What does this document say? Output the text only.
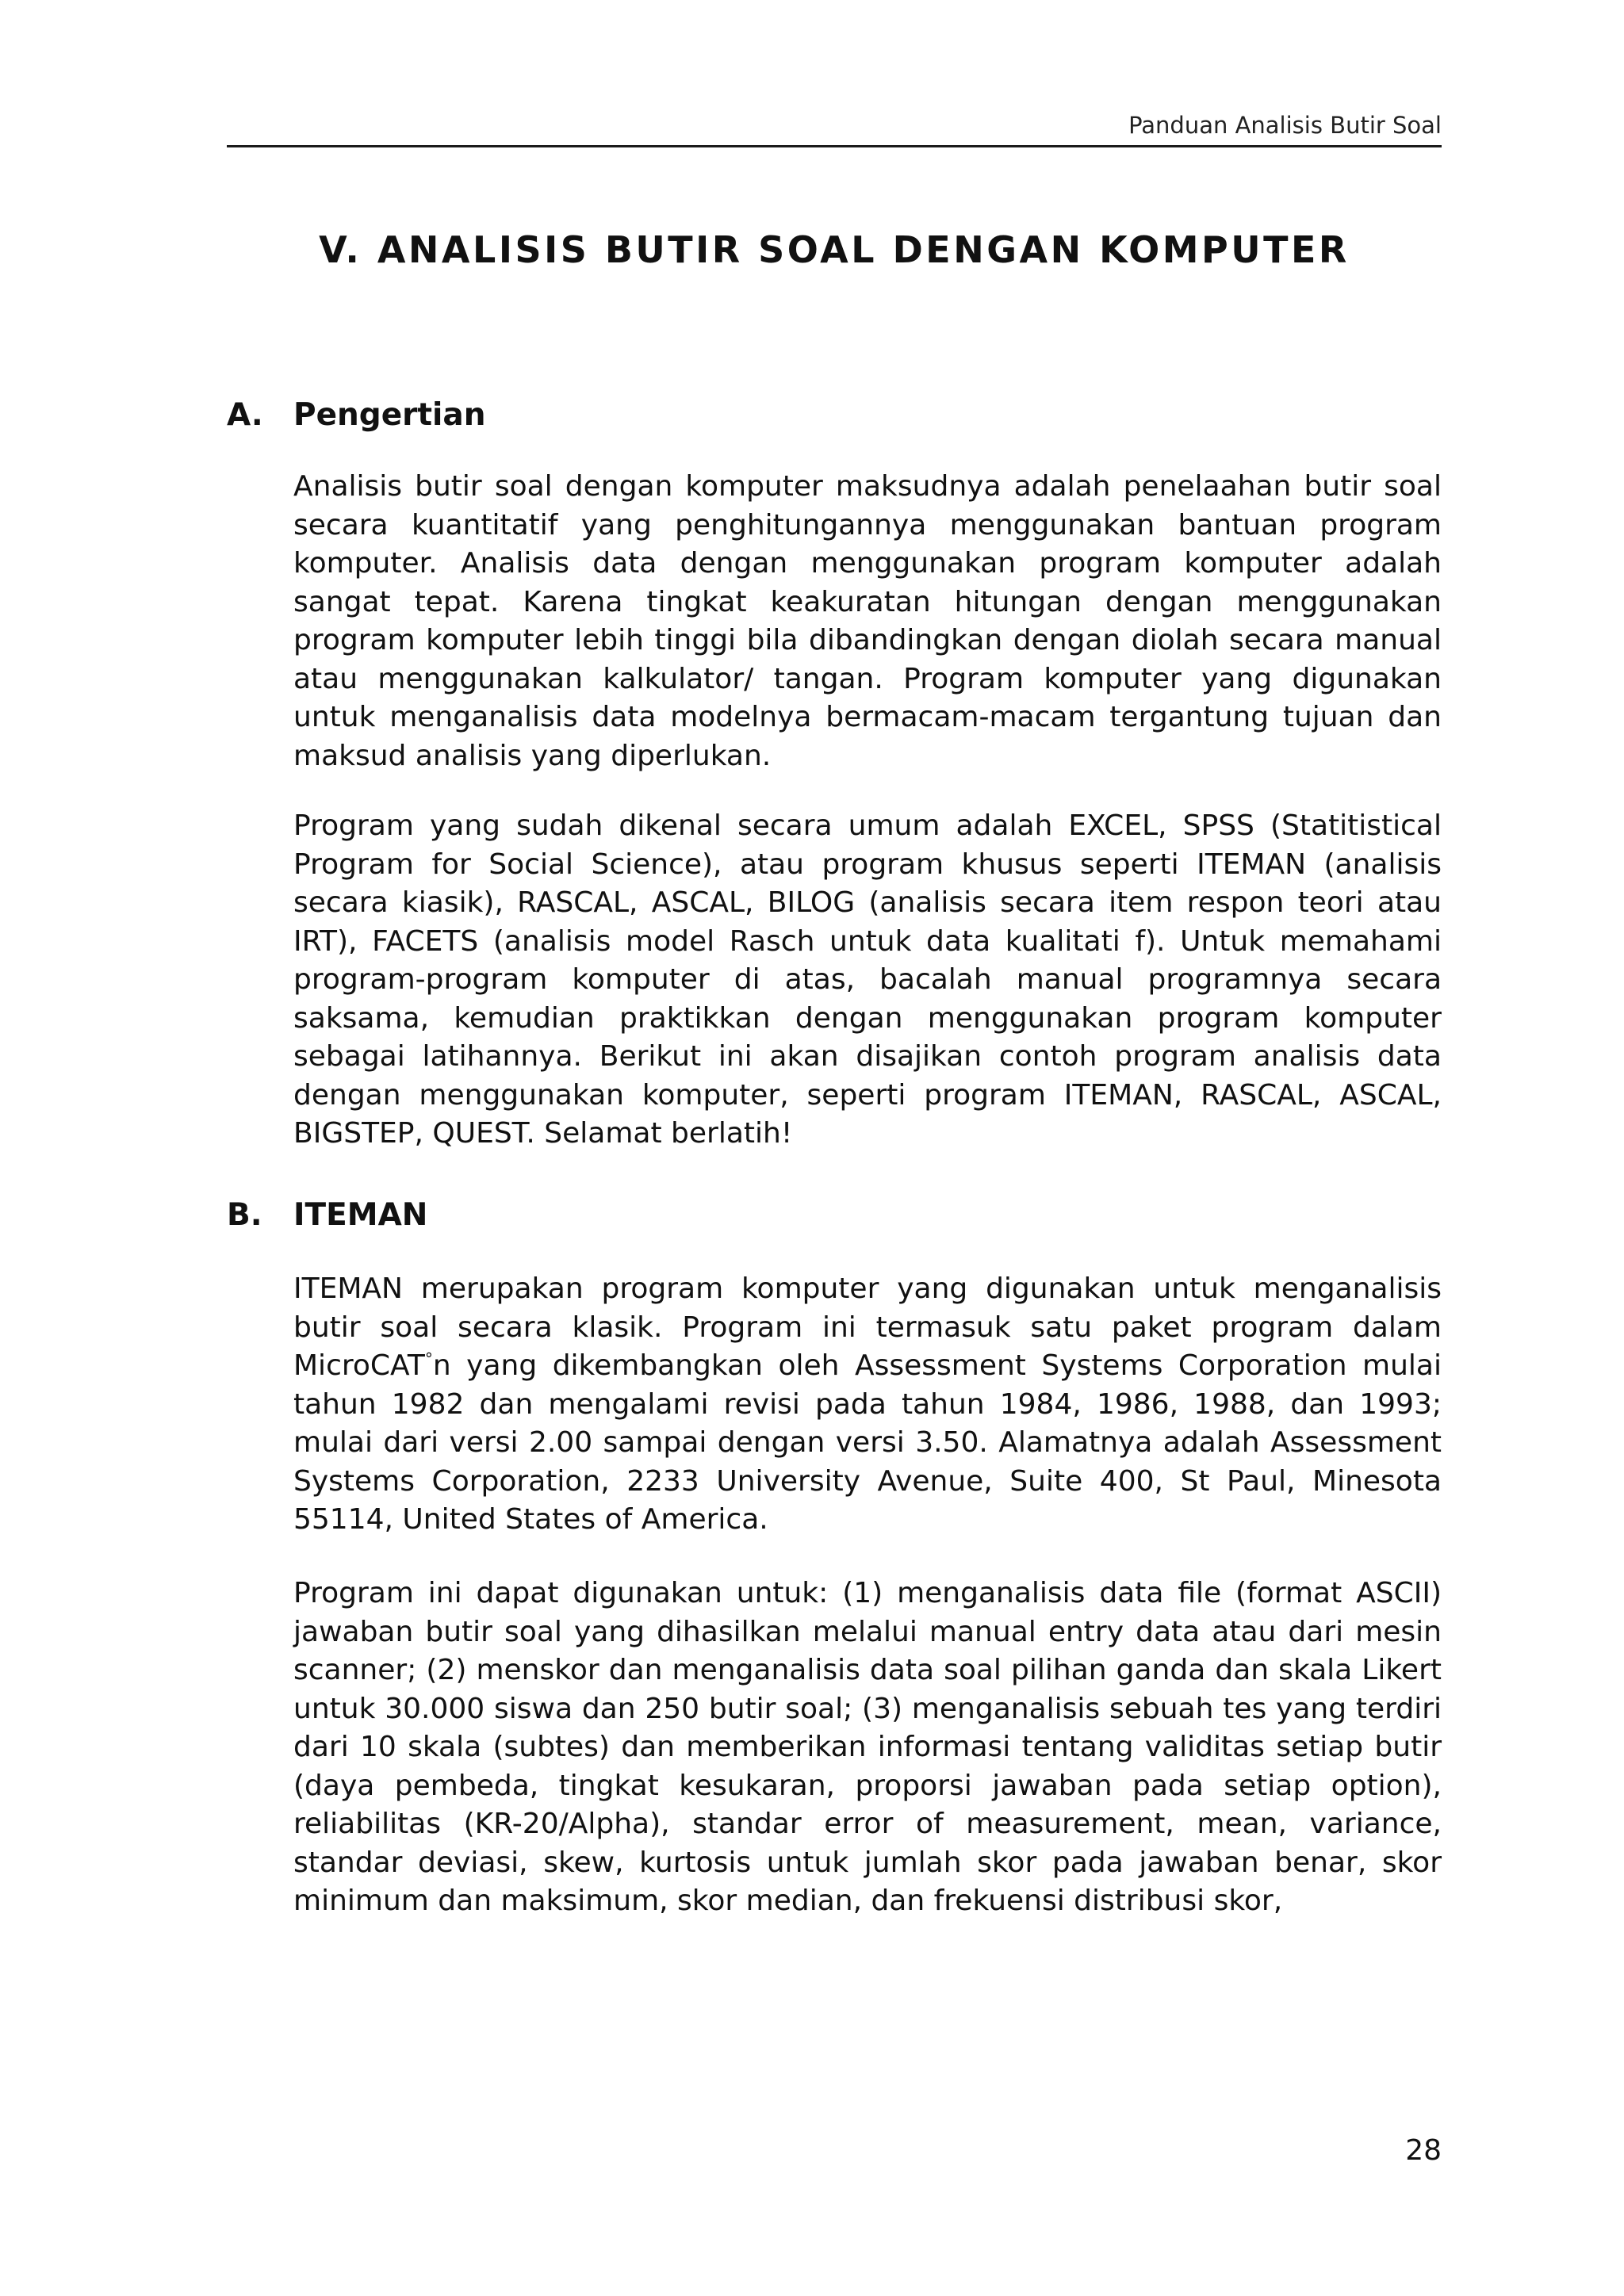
Panduan Analisis Butir Soal
V. ANALISIS BUTIR SOAL DENGAN KOMPUTER
A. Pengertian

Analisis butir soal dengan komputer maksudnya adalah penelaahan butir soal secara kuantitatif yang penghitungannya menggunakan bantuan program komputer. Analisis data dengan menggunakan program komputer adalah sangat tepat. Karena tingkat keakuratan hitungan dengan menggunakan program komputer lebih tinggi bila dibandingkan dengan diolah secara manual atau menggunakan kalkulator/ tangan. Program komputer yang digunakan untuk menganalisis data modelnya bermacam-macam tergantung tujuan dan maksud analisis yang diperlukan.

Program yang sudah dikenal secara umum adalah EXCEL, SPSS (Statitistical Program for Social Science), atau program khusus seperti ITEMAN (analisis secara kiasik), RASCAL, ASCAL, BILOG (analisis secara item respon teori atau IRT), FACETS (analisis model Rasch untuk data kualitati f). Untuk memahami program-program komputer di atas, bacalah manual programnya secara saksama, kemudian praktikkan dengan menggunakan program komputer sebagai latihannya. Berikut ini akan disajikan contoh program analisis data dengan menggunakan komputer, seperti program ITEMAN, RASCAL, ASCAL, BIGSTEP, QUEST. Selamat berlatih!

B.	ITEMAN

ITEMAN merupakan program komputer yang digunakan untuk menganalisis butir soal secara klasik. Program ini termasuk satu paket program dalam MicroCAT°n yang dikembangkan oleh Assessment Systems Corporation mulai tahun 1982 dan mengalami revisi pada tahun 1984, 1986, 1988, dan 1993; mulai dari versi 2.00 sampai dengan versi 3.50. Alamatnya adalah Assessment Systems Corporation, 2233 University Avenue, Suite 400, St Paul, Minesota 55114, United States of America.

Program ini dapat digunakan untuk: (1) menganalisis data file (format ASCII) jawaban butir soal yang dihasilkan melalui manual entry data atau dari mesin scanner; (2) menskor dan menganalisis data soal pilihan ganda dan skala Likert untuk 30.000 siswa dan 250 butir soal; (3) menganalisis sebuah tes yang terdiri dari 10 skala (subtes) dan memberikan informasi tentang validitas setiap butir (daya pembeda, tingkat kesukaran, proporsi jawaban pada setiap option), reliabilitas (KR-20/Alpha), standar error of measurement, mean, variance, standar deviasi, skew, kurtosis untuk jumlah skor pada jawaban benar, skor minimum dan maksimum, skor median, dan frekuensi distribusi skor,

28
